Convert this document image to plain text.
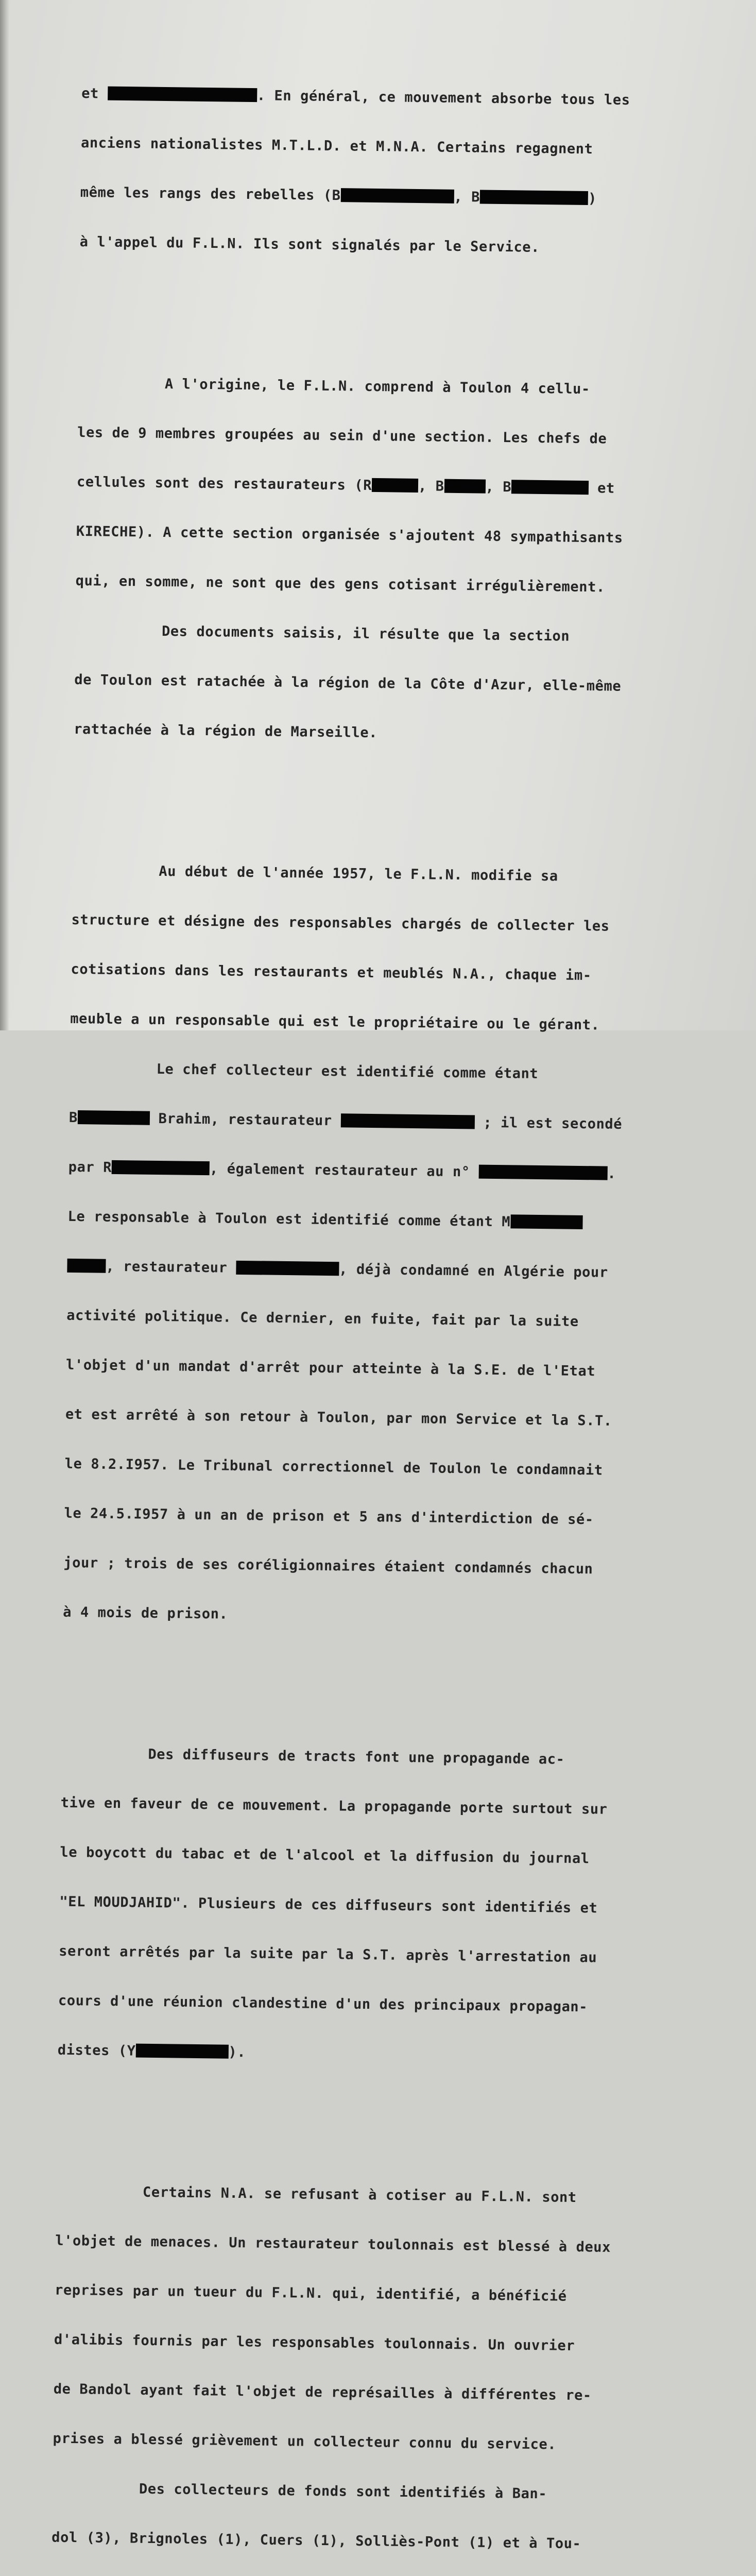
et	. En général, ce mouvement absorbe tous les

anciens nationalistes M.T.L.D. et M.N.A. Certains regagnent

même les rangs des rebelles (B	, B	)

à l'appel du F.L.N. Ils sont signalés par le Service.

A l'origine, le F.L.N. comprend à Toulon 4 cellu-

les de 9 membres groupées au sein d'une section. Les chefs de

cellules sont des restaurateurs (R	, B	, B	et

KIRECHE). A cette section organisée s'ajoutent 48 sympathisants

qui, en somme, ne sont que des gens cotisant irrégulièrement.

Des documents saisis, il résulte que la section

de Toulon est ratachée à la région de la Côte d'Azur, elle-même

rattachée à la région de Marseille.

Au début de l'année 1957, le F.L.N. modifie sa

structure et désigne des responsables chargés de collecter les

cotisations dans les restaurants et meublés N.A., chaque im-

meuble a un responsable qui est le propriétaire ou le gérant.

Le chef collecteur est identifié comme étant

B	Brahim, restaurateur	; il est secondé

par R	, également restaurateur au n°	.

Le responsable à Toulon est identifié comme étant M

, restaurateur	, déjà condamné en Algérie pour

activité politique. Ce dernier, en fuite, fait par la suite

l'objet d'un mandat d'arrêt pour atteinte à la S.E. de l'Etat

et est arrêté à son retour à Toulon, par mon Service et la S.T.

le 8.2.I957. Le Tribunal correctionnel de Toulon le condamnait

le 24.5.I957 à un an de prison et 5 ans d'interdiction de sé-

jour ; trois de ses coréligionnaires étaient condamnés chacun

à 4 mois de prison.

Des diffuseurs de tracts font une propagande ac-

tive en faveur de ce mouvement. La propagande porte surtout sur

le boycott du tabac et de l'alcool et la diffusion du journal

"EL MOUDJAHID". Plusieurs de ces diffuseurs sont identifiés et

seront arrêtés par la suite par la S.T. après l'arrestation au

cours d'une réunion clandestine d'un des principaux propagan-

distes (Y	).

Certains N.A. se refusant à cotiser au F.L.N. sont

l'objet de menaces. Un restaurateur toulonnais est blessé à deux

reprises par un tueur du F.L.N. qui, identifié, a bénéficié

d'alibis fournis par les responsables toulonnais. Un ouvrier

de Bandol ayant fait l'objet de représailles à différentes re-

prises a blessé grièvement un collecteur connu du service.

Des collecteurs de fonds sont identifiés à Ban-

dol (3), Brignoles (1), Cuers (1), Solliès-Pont (1) et à Tou-
